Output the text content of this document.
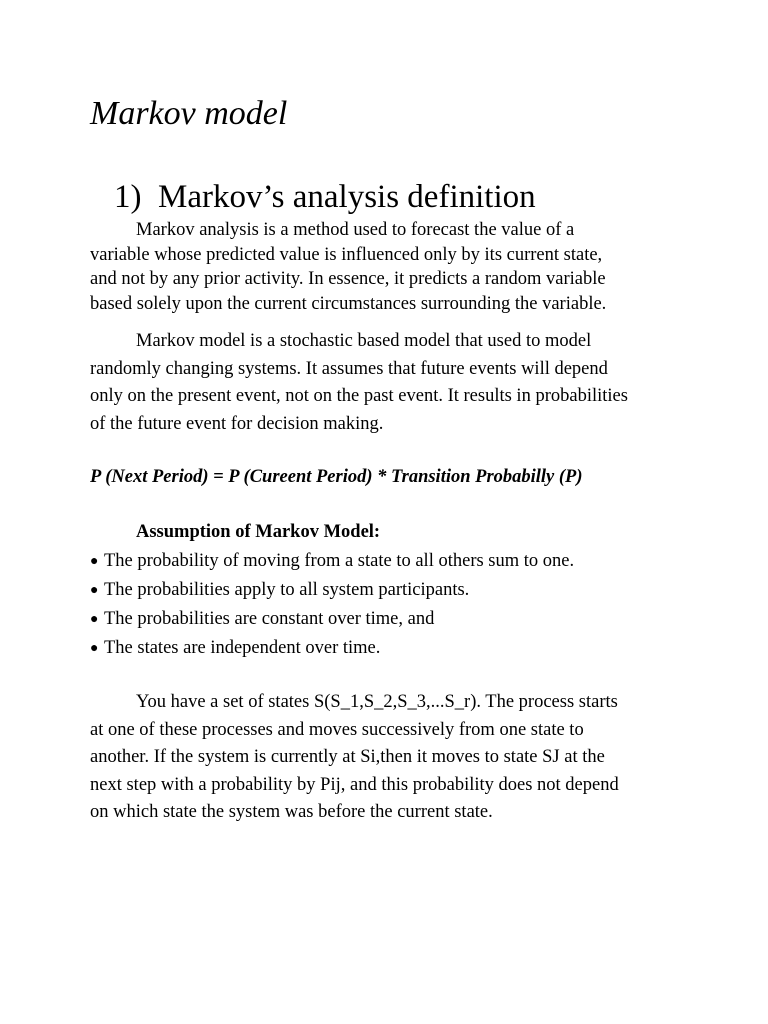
Markov model
1) Markov’s analysis definition

Markov analysis is a method used to forecast the value of a
variable whose predicted value is influenced only by its current state,
and not by any prior activity. In essence, it predicts a random variable
based solely upon the current circumstances surrounding the variable.

Markov model is a stochastic based model that used to model
randomly changing systems. It assumes that future events will depend
only on the present event, not on the past event. It results in probabilities
of the future event for decision making.

P (Next Period) = P (Cureent Period) * Transition Probabilly (P)

Assumption of Markov Model:

● The probability of moving from a state to all others sum to one.
● The probabilities apply to all system participants.
● The probabilities are constant over time, and
● The states are independent over time.

You have a set of states S(S_1,S_2,S_3,...S_r). The process starts
at one of these processes and moves successively from one state to
another. If the system is currently at Si,then it moves to state SJ at the
next step with a probability by Pij, and this probability does not depend
on which state the system was before the current state.
